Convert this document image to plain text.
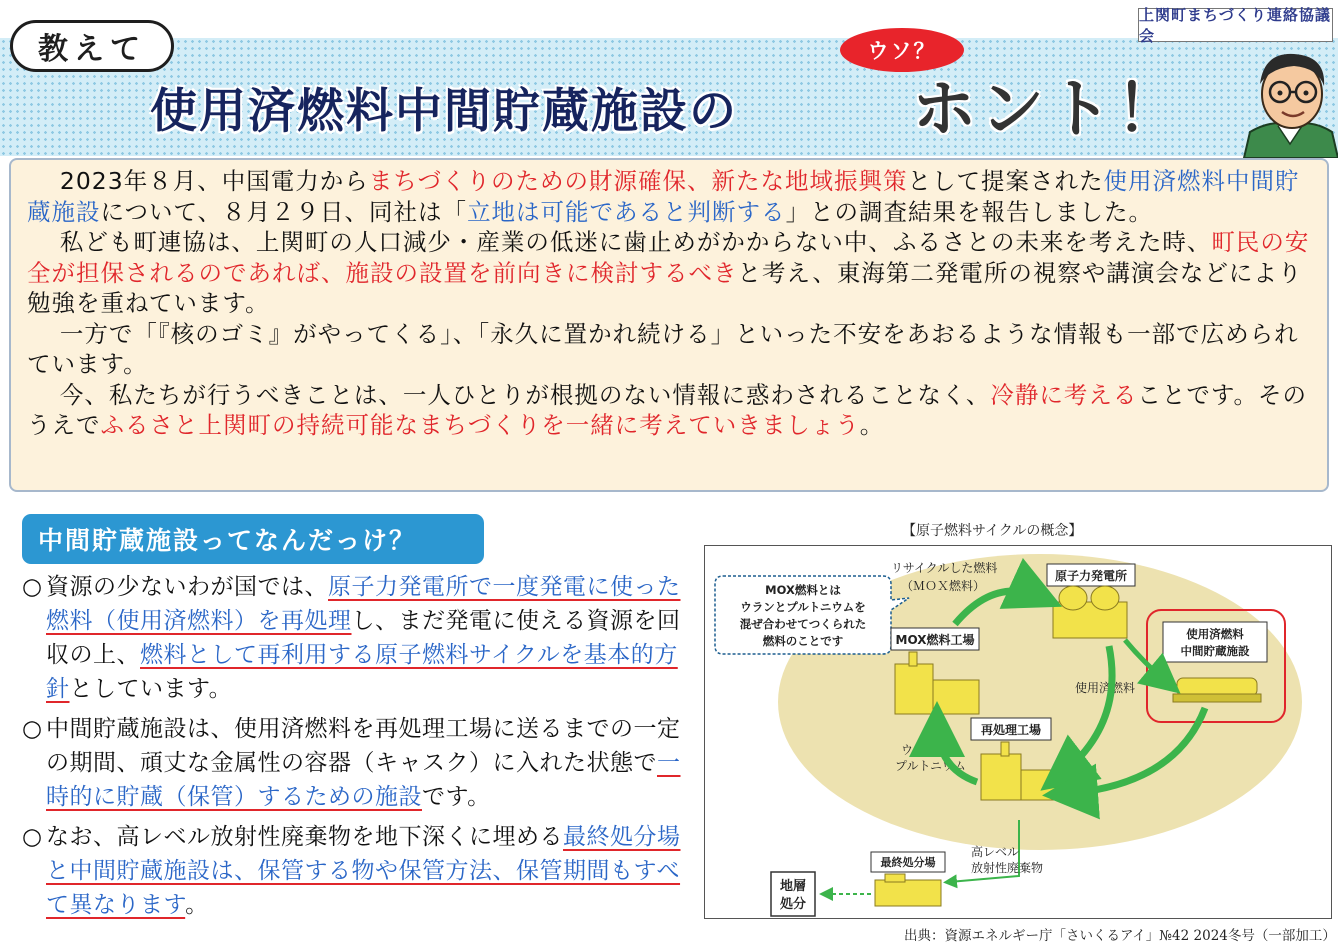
教えて
上関町まちづくり連絡協議会
使用済燃料中間貯蔵施設の
ウソ？
ホント！

2023年８月、中国電力からまちづくりのための財源確保、新たな地域振興策として提案された使用済燃料中間貯蔵施設について、８月２９日、同社は「立地は可能であると判断する」との調査結果を報告しました。

私ども町連協は、上関町の人口減少・産業の低迷に歯止めがかからない中、ふるさとの未来を考えた時、町民の安全が担保されるのであれば、施設の設置を前向きに検討するべきと考え、東海第二発電所の視察や講演会などにより勉強を重ねています。

一方で「『核のゴミ』がやってくる」、「永久に置かれ続ける」といった不安をあおるような情報も一部で広められています。

今、私たちが行うべきことは、一人ひとりが根拠のない情報に惑わされることなく、冷静に考えることです。そのうえでふるさと上関町の持続可能なまちづくりを一緒に考えていきましょう。

中間貯蔵施設ってなんだっけ？
○ 資源の少ないわが国では、原子力発電所で一度発電に使った燃料（使用済燃料）を再処理し、まだ発電に使える資源を回収の上、燃料として再利用する原子燃料サイクルを基本的方針としています。
○ 中間貯蔵施設は、使用済燃料を再処理工場に送るまでの一定の期間、頑丈な金属性の容器（キャスク）に入れた状態で一時的に貯蔵（保管）するための施設です。
○ なお、高レベル放射性廃棄物を地下深くに埋める最終処分場と中間貯蔵施設は、保管する物や保管方法、保管期間もすべて異なります。
【原子燃料サイクルの概念】
MOX燃料とは
ウランとプルトニウムを
混ぜ合わせてつくられた
燃料のことです
リサイクルした燃料
（ＭＯＸ燃料）
原子力発電所
MOX燃料工場	使用済燃料
中間貯蔵施設
使用済燃料
再処理工場
ウランや
プルトニウム
高レベル
放射性廃棄物
最終処分場
地層
処分
出典：資源エネルギー庁「さいくるアイ」№42 2024冬号（一部加工）
